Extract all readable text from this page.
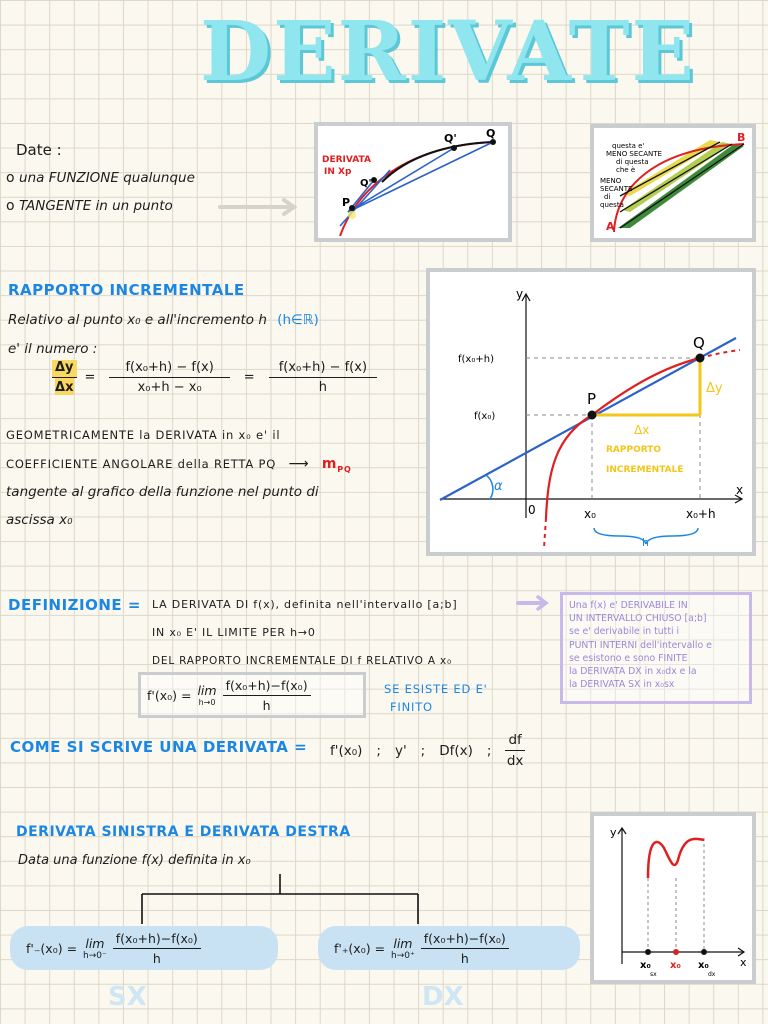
DERIVATE
Date :
o una FUNZIONE qualunque
o TANGENTE in un punto
DERIVATA
IN Xp
Q'	Q
Q''
P
A
B
questa e'
MENO SECANTE
di questa
che è
MENO
SECANTE
di
questa
RAPPORTO INCREMENTALE
Relativo al punto x₀ e all'incremento h (h∈ℝ)
e' il numero :
$\frac{\Delta y}{\Delta x} = \frac{\text{f(x₀+h) − f(x)}}{\text{x₀+h − x₀}} = \frac{\text{f(x₀+h) − f(x)}}{h}$
GEOMETRICAMENTE la DERIVATA in x₀ e' il
COEFFICIENTE ANGOLARE della RETTA PQ ⟶ $m_{PQ}$
tangente al grafico della funzione nel punto di
ascissa x₀
y
x
0
f(x₀+h)
f(x₀)
P
Q
Δy
Δx
RAPPORTO
INCREMENTALE
α
x₀	x₀+h
h
DEFINIZIONE = LA DERIVATA DI f(x), definita nell'intervallo [a;b]
IN x₀ E' IL LIMITE PER h→0
DEL RAPPORTO INCREMENTALE DI f RELATIVO A x₀
f'(x₀) = lim
$h\to 0 \frac{\text{f(x₀+h)−f(x₀)}}{h}$	SE ESISTE ED E'
FINITO
Una f(x) e' DERIVABILE IN
UN INTERVALLO CHIUSO [a;b]
se e' derivabile in tutti i
PUNTI INTERNI dell'intervallo e
se esistono e sono FINITE
la DERIVATA DX in x₀dx e la
la DERIVATA SX in x₀sx
COME SI SCRIVE UNA DERIVATA = f'(x₀) ; y' ; Df(x) ; $\frac{df}{dx}$
DERIVATA SINISTRA E DERIVATA DESTRA
Data una funzione f(x) definita in x₀
f'₋(x₀) = lim
$h\to 0^- \frac{\text{f(x₀+h)−f(x₀)}}{h}$	f'₊(x₀) = lim
$h\to 0^+ \frac{\text{f(x₀+h)−f(x₀)}}{h}$
SX	DX
y
x
x₀
sx
x₀ x₀
dx
